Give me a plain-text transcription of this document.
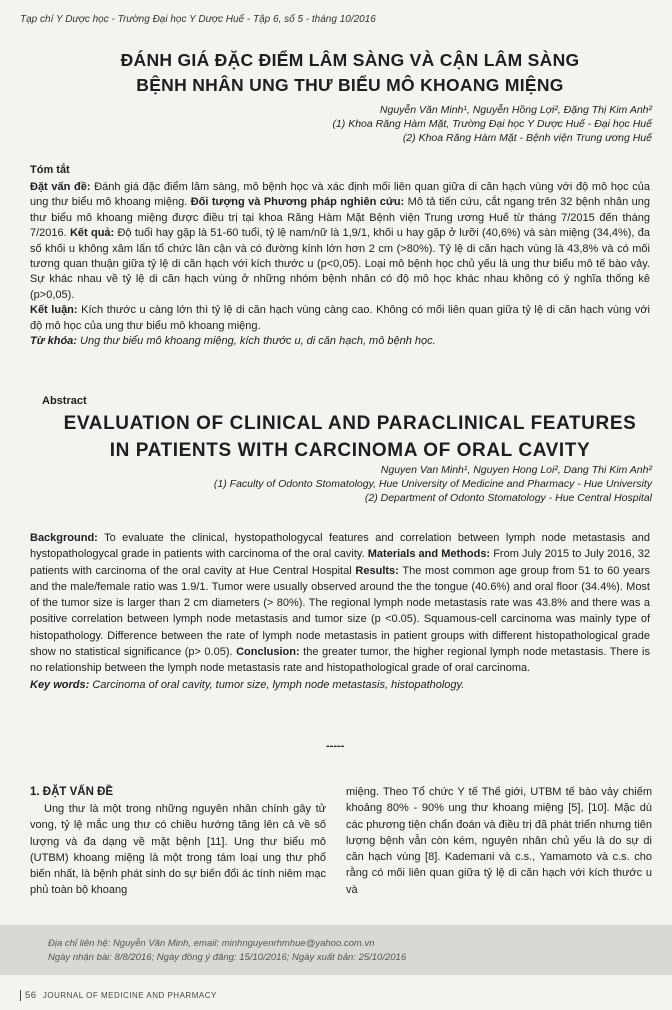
Tạp chí Y Dược học - Trường Đại học Y Dược Huế - Tập 6, số 5 - tháng 10/2016
ĐÁNH GIÁ ĐẶC ĐIỂM LÂM SÀNG VÀ CẬN LÂM SÀNG
BỆNH NHÂN UNG THƯ BIỂU MÔ KHOANG MIỆNG
Nguyễn Văn Minh¹, Nguyễn Hồng Lợi², Đặng Thị Kim Anh²
(1) Khoa Răng Hàm Mặt, Trường Đại học Y Dược Huế - Đại học Huế
(2) Khoa Răng Hàm Mặt - Bệnh viện Trung ương Huế
Tóm tắt
Đặt vấn đề: Đánh giá đặc điểm lâm sàng, mô bệnh học và xác định mối liên quan giữa di căn hạch vùng với độ mô học của ung thư biểu mô khoang miệng. Đối tượng và Phương pháp nghiên cứu: Mô tả tiến cứu, cắt ngang trên 32 bệnh nhân ung thư biểu mô khoang miệng được điều trị tại khoa Răng Hàm Mặt Bệnh viện Trung ương Huế từ tháng 7/2015 đến tháng 7/2016. Kết quả: Độ tuổi hay gặp là 51-60 tuổi, tỷ lệ nam/nữ là 1,9/1, khối u hay gặp ở lưỡi (40,6%) và sàn miệng (34,4%), đa số khối u không xâm lấn tổ chức lân cận và có đường kính lớn hơn 2 cm (>80%). Tỷ lệ di căn hạch vùng là 43,8% và có mối tương quan thuận giữa tỷ lệ di căn hạch với kích thước u (p<0,05). Loại mô bệnh học chủ yếu là ung thư biểu mô tế bào vảy. Sự khác nhau về tỷ lệ di căn hạch vùng ở những nhóm bệnh nhân có độ mô học khác nhau không có ý nghĩa thống kê (p>0,05).
Kết luận: Kích thước u càng lớn thì tỷ lệ di căn hạch vùng càng cao. Không có mối liên quan giữa tỷ lệ di căn hạch vùng với độ mô học của ung thư biểu mô khoang miệng.
Từ khóa: Ung thư biểu mô khoang miệng, kích thước u, di căn hạch, mô bệnh học.
Abstract
EVALUATION OF CLINICAL AND PARACLINICAL FEATURES
IN PATIENTS WITH CARCINOMA OF ORAL CAVITY
Nguyen Van Minh¹, Nguyen Hong Loi², Dang Thi Kim Anh²
(1) Faculty of Odonto Stomatology, Hue University of Medicine and Pharmacy - Hue University
(2) Department of Odonto Stomatology - Hue Central Hospital
Background: To evaluate the clinical, hystopathologycal features and correlation between lymph node metastasis and hystopathologycal grade in patients with carcinoma of the oral cavity. Materials and Methods: From July 2015 to July 2016, 32 patients with carcinoma of the oral cavity at Hue Central Hospital Results: The most common age group from 51 to 60 years and the male/female ratio was 1.9/1. Tumor were usually observed around the the tongue (40.6%) and oral floor (34.4%). Most of the tumor size is larger than 2 cm diameters (> 80%). The regional lymph node metastasis rate was 43.8% and there was a positive correlation between lymph node metastasis and tumor size (p <0.05). Squamous-cell carcinoma was mainly type of histopathology. Difference between the rate of lymph node metastasis in patient groups with different histopathological grade show no statistical significance (p> 0.05). Conclusion: the greater tumor, the higher regional lymph node metastasis. There is no relationship between the lymph node metastasis rate and histopathological grade of oral carcinoma.
Key words: Carcinoma of oral cavity, tumor size, lymph node metastasis, histopathology.
-----
1. ĐẶT VẤN ĐỀ
Ung thư là một trong những nguyên nhân chính gây tử vong, tỷ lệ mắc ung thư có chiều hướng tăng lên cả về số lượng và đa dạng về mặt bệnh [11]. Ung thư biểu mô (UTBM) khoang miệng là một trong tám loại ung thư phổ biến nhất, là bệnh phát sinh do sự biến đổi ác tính niêm mạc phủ toàn bộ khoang
miệng. Theo Tổ chức Y tế Thế giới, UTBM tế bào vảy chiếm khoảng 80% - 90% ung thư khoang miệng [5], [10]. Mặc dù các phương tiện chẩn đoán và điều trị đã phát triển nhưng tiên lượng bệnh vẫn còn kém, nguyên nhân chủ yếu là do sự di căn hạch vùng [8]. Kademani và c.s., Yamamoto và c.s. cho rằng có mối liên quan giữa tỷ lệ di căn hạch với kích thước u và
Địa chỉ liên hệ: Nguyễn Văn Minh, email: minhnguyenrhmhue@yahoo.com.vn
Ngày nhận bài: 8/8/2016; Ngày đồng ý đăng: 15/10/2016; Ngày xuất bản: 25/10/2016
56 JOURNAL OF MEDICINE AND PHARMACY
